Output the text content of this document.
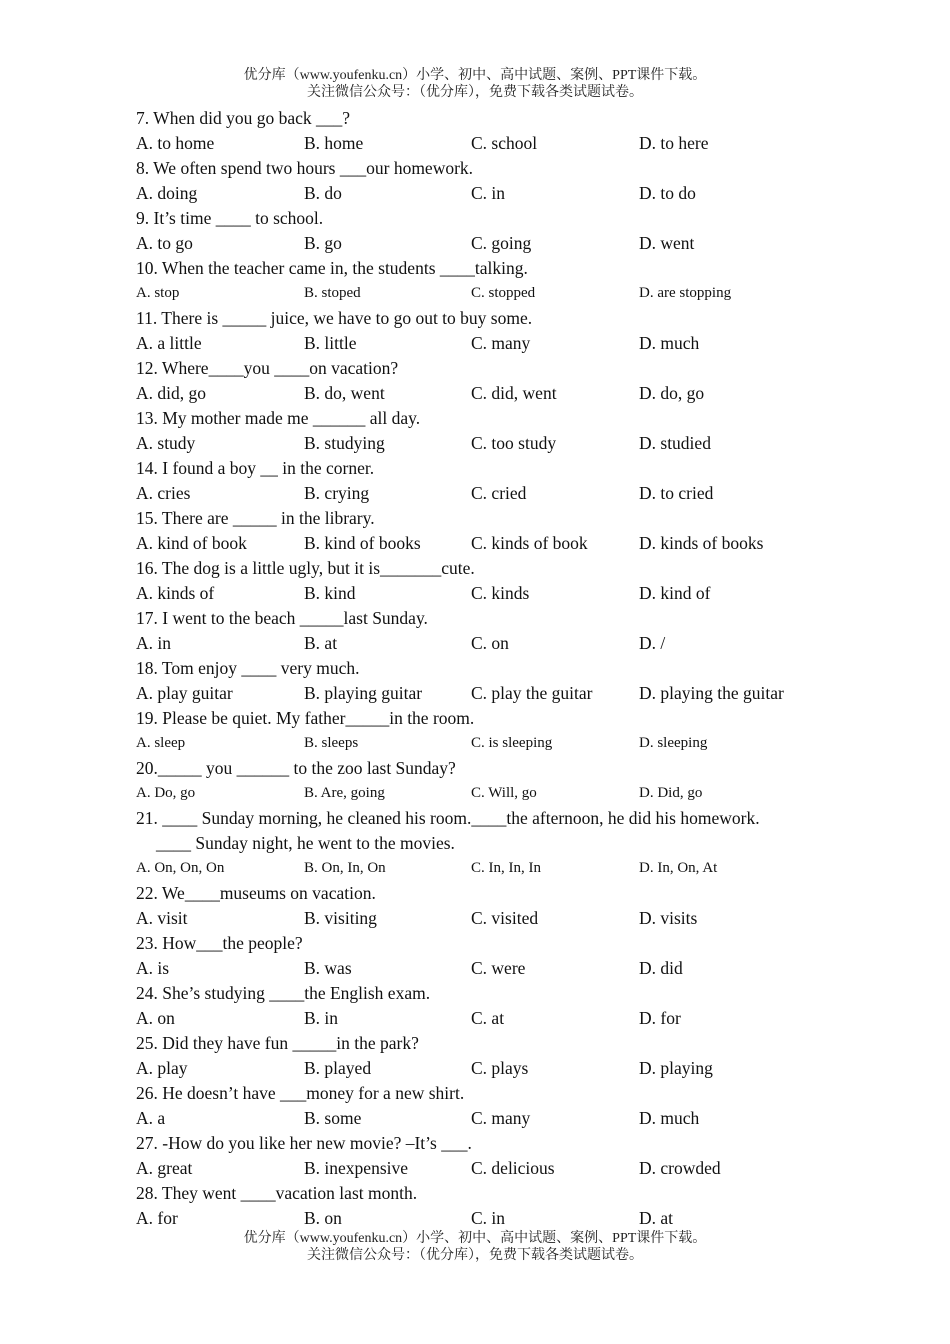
优分库（www.youfenku.cn）小学、初中、高中试题、案例、PPT课件下载。
关注微信公众号：（优分库），免费下载各类试题试卷。
7. When did you go back ___?
A. to home	B. home	C. school	D. to here
8. We often spend two hours ___our homework.
A. doing	B. do	C. in	D. to do
9. It’s time ____ to school.
A. to go	B. go	C. going	D. went
10. When the teacher came in, the students ____talking.
A. stop	B. stoped	C. stopped	D. are stopping
11. There is _____ juice, we have to go out to buy some.
A. a little	B. little	C. many	D. much
12. Where____you ____on vacation?
A. did, go	B. do, went	C. did, went	D. do, go
13. My mother made me ______ all day.
A. study	B. studying	C. too study	D. studied
14. I found a boy __ in the corner.
A. cries	B. crying	C. cried	D. to cried
15. There are _____ in the library.
A. kind of book	B. kind of books	C. kinds of book	D. kinds of books
16. The dog is a little ugly, but it is_______cute.
A. kinds of	B. kind	C. kinds	D. kind of
17. I went to the beach _____last Sunday.
A. in	B. at	C. on	D. /
18. Tom enjoy ____ very much.
A. play guitar	B. playing guitar	C. play the guitar	D. playing the guitar
19. Please be quiet. My father_____in the room.
A. sleep	B. sleeps	C. is sleeping	D. sleeping
20._____ you ______ to the zoo last Sunday?
A. Do, go	B. Are, going	C. Will, go	D. Did, go
21. ____ Sunday morning, he cleaned his room.____the afternoon, he did his homework.
____ Sunday night, he went to the movies.
A. On, On, On	B. On, In, On	C. In, In, In	D. In, On, At
22. We____museums on vacation.
A. visit	B. visiting	C. visited	D. visits
23. How___the people?
A. is	B. was	C. were	D. did
24. She’s studying ____the English exam.
A. on	B. in	C. at	D. for
25. Did they have fun _____in the park?
A. play	B. played	C. plays	D. playing
26. He doesn’t have ___money for a new shirt.
A. a	B. some	C. many	D. much
27. -How do you like her new movie? –It’s ___.
A. great	B. inexpensive	C. delicious	D. crowded
28. They went ____vacation last month.
A. for	B. on	C. in	D. at
优分库（www.youfenku.cn）小学、初中、高中试题、案例、PPT课件下载。
关注微信公众号：（优分库），免费下载各类试题试卷。
